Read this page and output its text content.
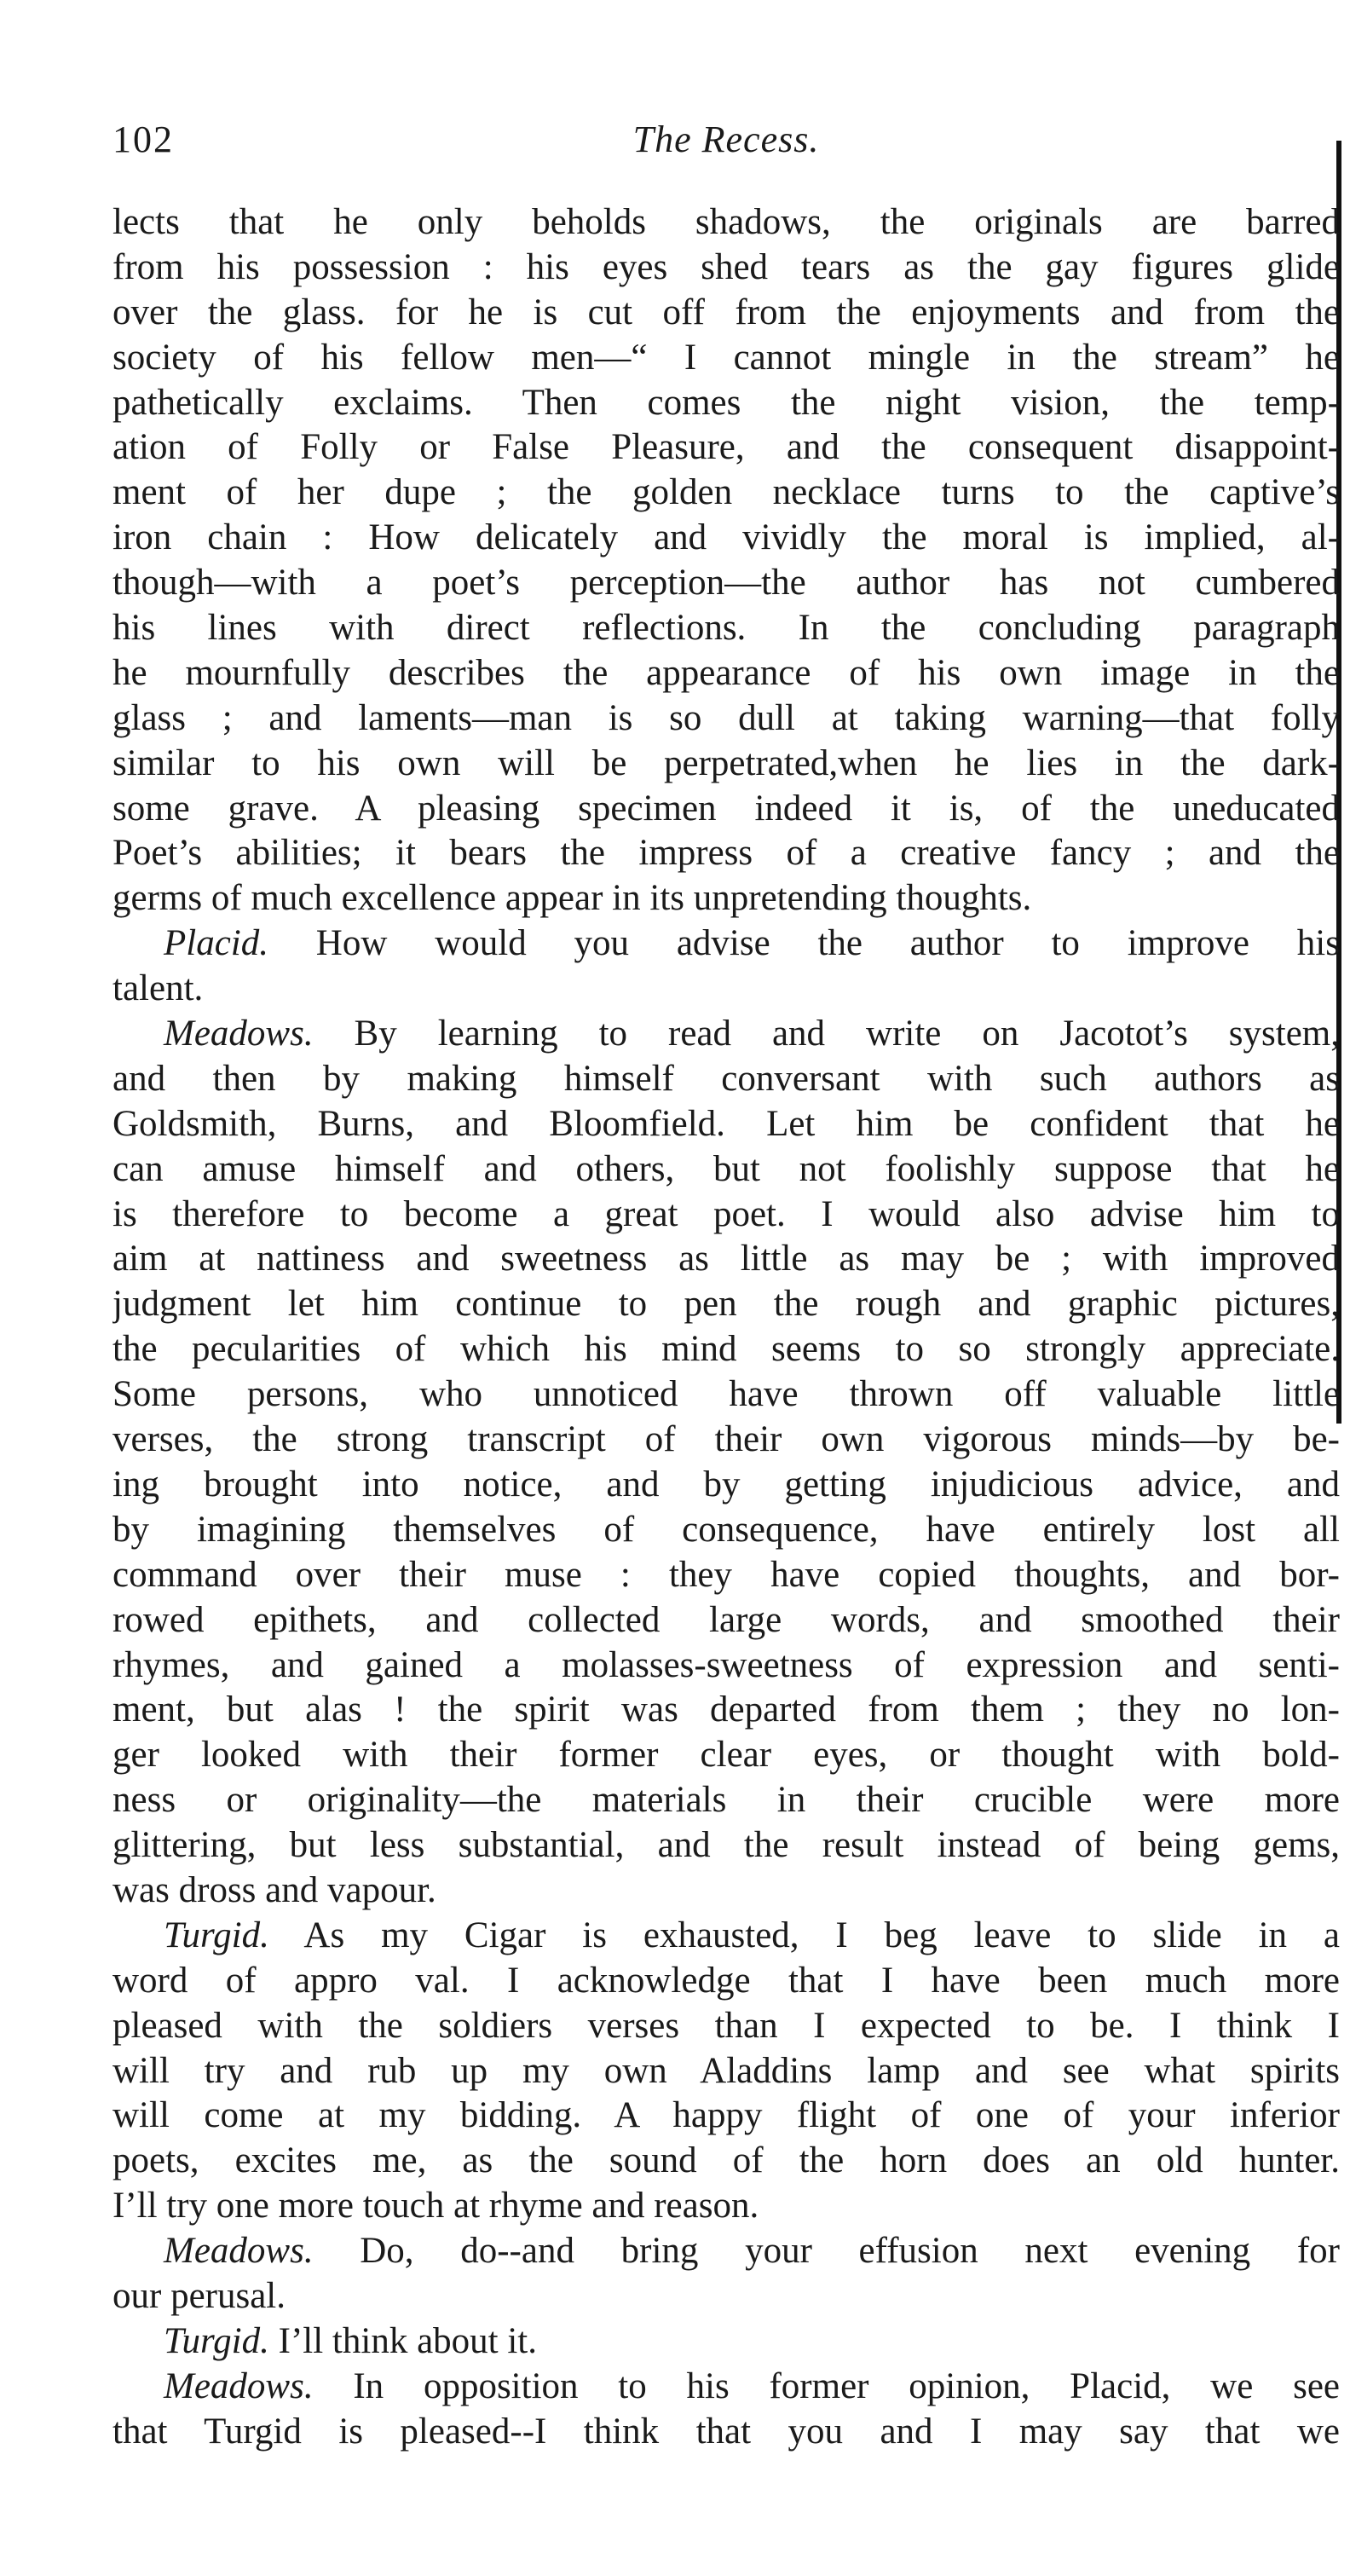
102	The Recess.
lects that he only beholds shadows, the originals are barred
from his possession : his eyes shed tears as the gay figures glide
over the glass. for he is cut off from the enjoyments and from the
society of his fellow men—“ I cannot mingle in the stream” he
pathetically exclaims. Then comes the night vision, the temp-
ation of Folly or False Pleasure, and the consequent disappoint-
ment of her dupe ; the golden necklace turns to the captive’s
iron chain : How delicately and vividly the moral is implied, al-
though—with a poet’s perception—the author has not cumbered
his lines with direct reflections. In the concluding paragraph
he mournfully describes the appearance of his own image in the
glass ; and laments—man is so dull at taking warning—that folly
similar to his own will be perpetrated,when he lies in the dark-
some grave. A pleasing specimen indeed it is, of the uneducated
Poet’s abilities; it bears the impress of a creative fancy ; and the
germs of much excellence appear in its unpretending thoughts.
Placid. How would you advise the author to improve his
talent.
Meadows. By learning to read and write on Jacotot’s system,
and then by making himself conversant with such authors as
Goldsmith, Burns, and Bloomfield. Let him be confident that he
can amuse himself and others, but not foolishly suppose that he
is therefore to become a great poet. I would also advise him to
aim at nattiness and sweetness as little as may be ; with improved
judgment let him continue to pen the rough and graphic pictures,
the pecularities of which his mind seems to so strongly appreciate.
Some persons, who unnoticed have thrown off valuable little
verses, the strong transcript of their own vigorous minds—by be-
ing brought into notice, and by getting injudicious advice, and
by imagining themselves of consequence, have entirely lost all
command over their muse : they have copied thoughts, and bor-
rowed epithets, and collected large words, and smoothed their
rhymes, and gained a molasses-sweetness of expression and senti-
ment, but alas ! the spirit was departed from them ; they no lon-
ger looked with their former clear eyes, or thought with bold-
ness or originality—the materials in their crucible were more
glittering, but less substantial, and the result instead of being gems,
was dross and vapour.
Turgid. As my Cigar is exhausted, I beg leave to slide in a
word of appro val. I acknowledge that I have been much more
pleased with the soldiers verses than I expected to be. I think I
will try and rub up my own Aladdins lamp and see what spirits
will come at my bidding. A happy flight of one of your inferior
poets, excites me, as the sound of the horn does an old hunter.
I’ll try one more touch at rhyme and reason.
Meadows. Do, do--and bring your effusion next evening for
our perusal.
Turgid. I’ll think about it.
Meadows. In opposition to his former opinion, Placid, we see
that Turgid is pleased--I think that you and I may say that we
